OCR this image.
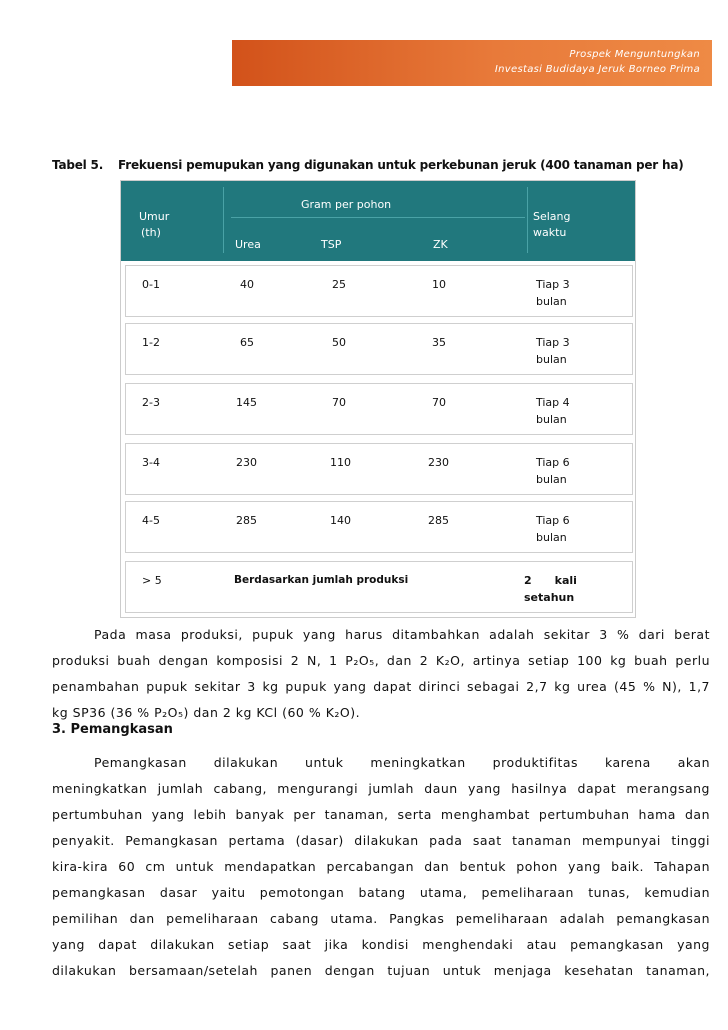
Prospek Menguntungkan
Investasi Budidaya Jeruk Borneo Prima
Tabel 5. Frekuensi pemupukan yang digunakan untuk perkebunan jeruk (400 tanaman per ha)
Umur
(th)
Gram per pohon
Urea	TSP	ZK
Selang
waktu
0-1	40	25	10	Tiap 3
bulan
1-2	65	50	35	Tiap 3
bulan
2-3	145	70	70	Tiap 4
bulan
3-4	230	110	230	Tiap 6
bulan
4-5	285	140	285	Tiap 6
bulan
> 5	Berdasarkan jumlah produksi	2      kali
setahun
Pada masa produksi, pupuk yang harus ditambahkan adalah sekitar 3 % dari berat
produksi buah dengan komposisi 2 N, 1 P₂O₅, dan 2 K₂O, artinya setiap 100 kg buah perlu
penambahan pupuk sekitar 3 kg pupuk yang dapat dirinci sebagai 2,7 kg urea (45 % N), 1,7
kg SP36 (36 % P₂O₅) dan 2 kg KCl (60 % K₂O).
3. Pemangkasan
Pemangkasan dilakukan untuk meningkatkan produktifitas karena akan
meningkatkan jumlah cabang, mengurangi jumlah daun yang hasilnya dapat merangsang
pertumbuhan yang lebih banyak per tanaman, serta menghambat pertumbuhan hama dan
penyakit. Pemangkasan pertama (dasar) dilakukan pada saat tanaman mempunyai tinggi
kira-kira 60 cm untuk mendapatkan percabangan dan bentuk pohon yang baik. Tahapan
pemangkasan dasar yaitu pemotongan batang utama, pemeliharaan tunas, kemudian
pemilihan dan pemeliharaan cabang utama. Pangkas pemeliharaan adalah pemangkasan
yang dapat dilakukan setiap saat jika kondisi menghendaki atau pemangkasan yang
dilakukan bersamaan/setelah panen dengan tujuan untuk menjaga kesehatan tanaman,
